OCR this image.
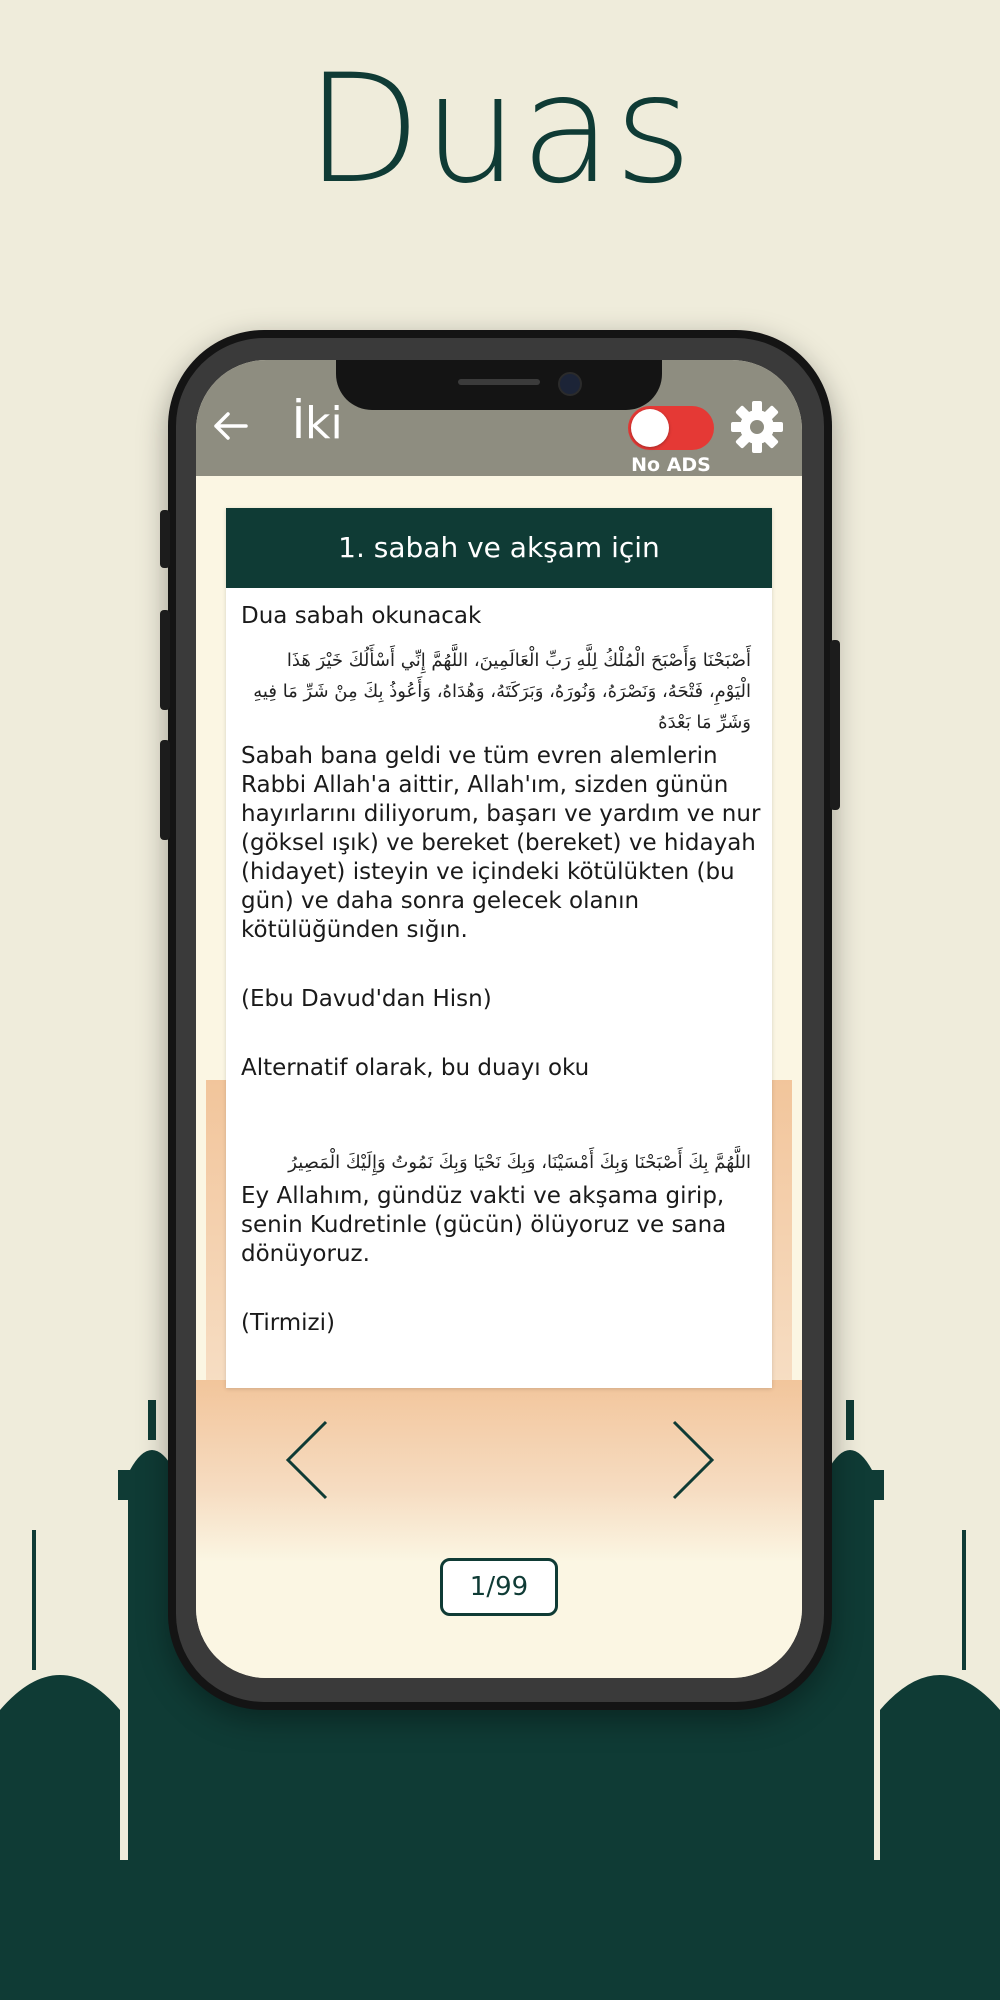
Duas
İki
No ADS
1. sabah ve akşam için

Dua sabah okunacak

أَصْبَحْنَا وَأَصْبَحَ الْمُلْكُ لِلَّهِ رَبِّ الْعَالَمِينَ، اللَّهُمَّ إِنِّي أَسْأَلُكَ خَيْرَ هَذَا الْيَوْمِ، فَتْحَهُ، وَنَصْرَهُ، وَنُورَهُ، وَبَرَكَتَهُ، وَهُدَاهُ، وَأَعُوذُ بِكَ مِنْ شَرِّ مَا فِيهِ وَشَرِّ مَا بَعْدَهُ

Sabah bana geldi ve tüm evren alemlerin Rabbi Allah'a aittir, Allah'ım, sizden günün hayırlarını diliyorum, başarı ve yardım ve nur (göksel ışık) ve bereket (bereket) ve hidayah (hidayet) isteyin ve içindeki kötülükten (bu gün) ve daha sonra gelecek olanın kötülüğünden sığın.

(Ebu Davud'dan Hisn)

Alternatif olarak, bu duayı oku

اللَّهُمَّ بِكَ أَصْبَحْنَا وَبِكَ أَمْسَيْنَا، وَبِكَ نَحْيَا وَبِكَ نَمُوتُ وَإِلَيْكَ الْمَصِيرُ

Ey Allahım, gündüz vakti ve akşama girip, senin Kudretinle (gücün) ölüyoruz ve sana dönüyoruz.

(Tirmizi)

1/99
